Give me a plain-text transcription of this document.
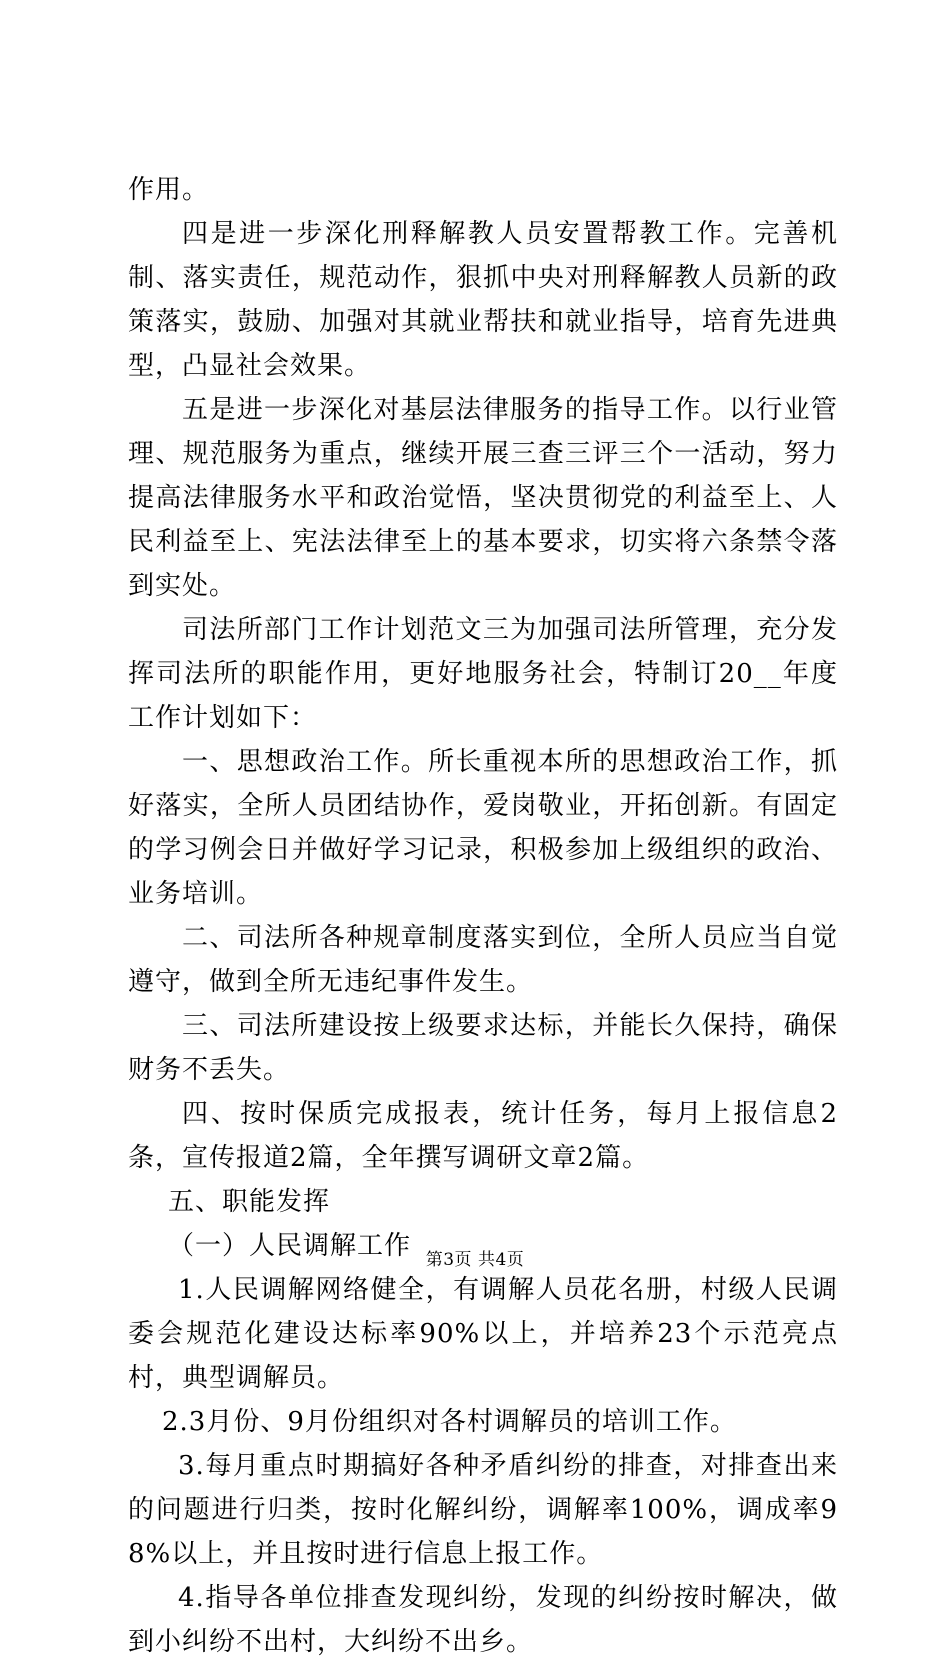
作用。

四是进一步深化刑释解教人员安置帮教工作。完善机制、落实责任，规范动作，狠抓中央对刑释解教人员新的政策落实，鼓励、加强对其就业帮扶和就业指导，培育先进典型，凸显社会效果。

五是进一步深化对基层法律服务的指导工作。以行业管理、规范服务为重点，继续开展三查三评三个一活动，努力提高法律服务水平和政治觉悟，坚决贯彻党的利益至上、人民利益至上、宪法法律至上的基本要求，切实将六条禁令落到实处。

司法所部门工作计划范文三为加强司法所管理，充分发挥司法所的职能作用，更好地服务社会，特制订20__年度工作计划如下：

一、思想政治工作。所长重视本所的思想政治工作，抓好落实，全所人员团结协作，爱岗敬业，开拓创新。有固定的学习例会日并做好学习记录，积极参加上级组织的政治、业务培训。

二、司法所各种规章制度落实到位，全所人员应当自觉遵守，做到全所无违纪事件发生。

三、司法所建设按上级要求达标，并能长久保持，确保财务不丢失。

四、按时保质完成报表，统计任务，每月上报信息2条，宣传报道2篇，全年撰写调研文章2篇。

五、职能发挥

（一）人民调解工作

1.人民调解网络健全，有调解人员花名册，村级人民调委会规范化建设达标率90%以上，并培养23个示范亮点村，典型调解员。

2.3月份、9月份组织对各村调解员的培训工作。

3.每月重点时期搞好各种矛盾纠纷的排查，对排查出来的问题进行归类，按时化解纠纷，调解率100%，调成率98%以上，并且按时进行信息上报工作。

4.指导各单位排查发现纠纷，发现的纠纷按时解决，做到小纠纷不出村，大纠纷不出乡。

第3页 共4页
